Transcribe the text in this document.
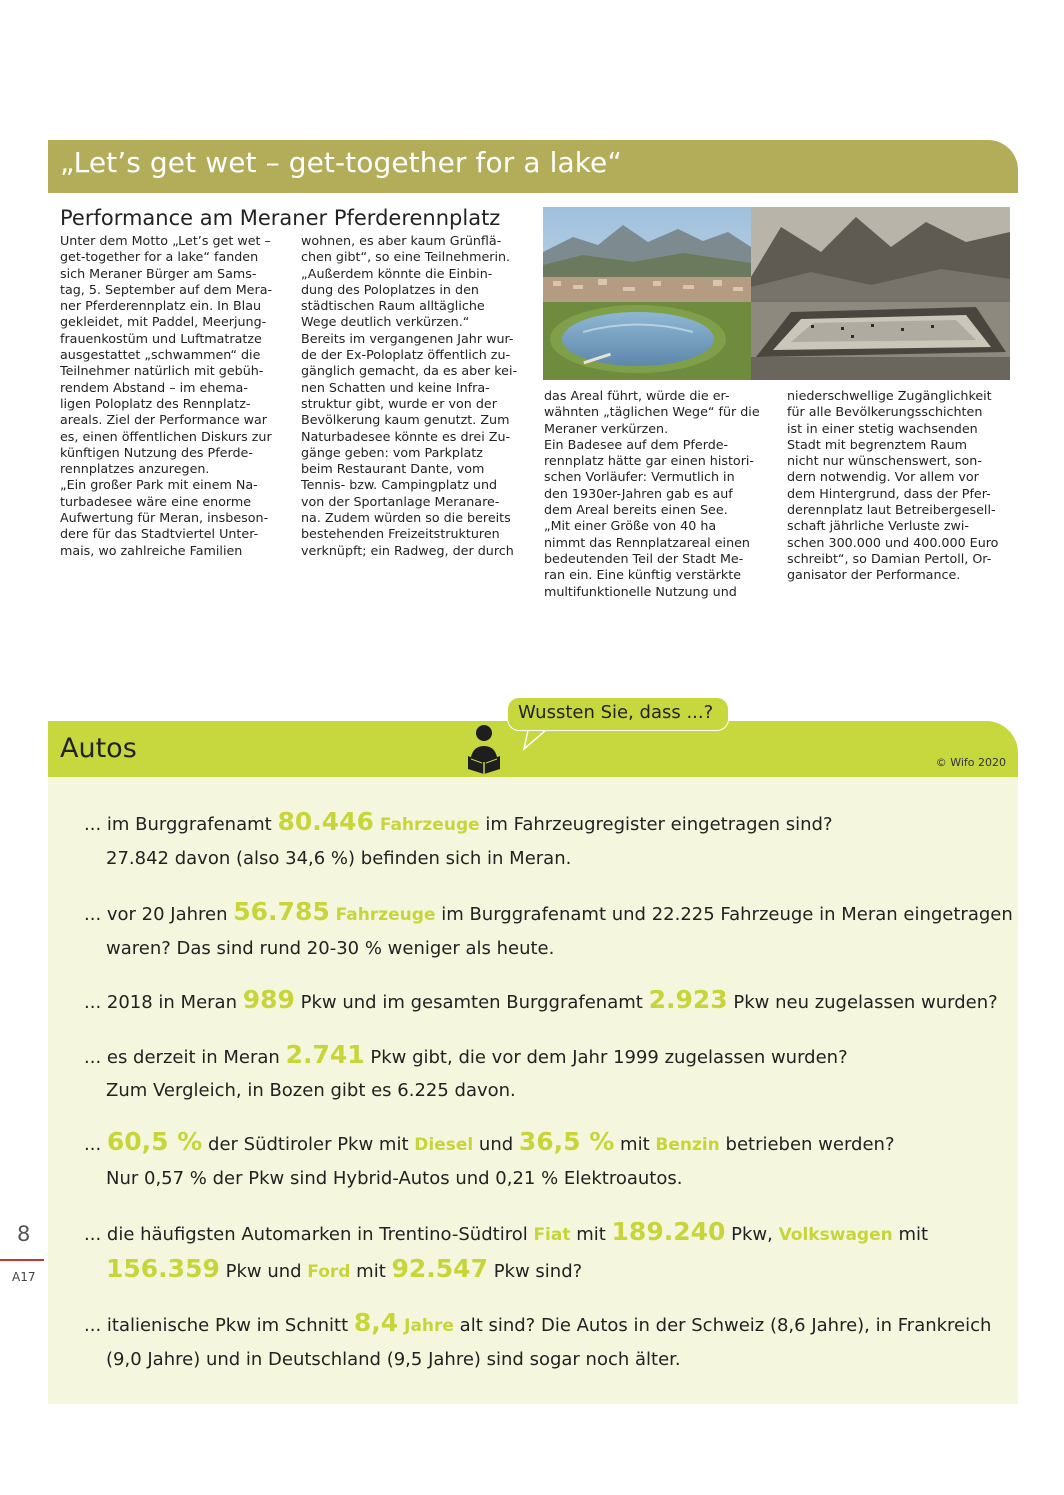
„Let’s get wet – get-together for a lake“
Performance am Meraner Pferderennplatz

Unter dem Motto „Let’s get wet –

get-together for a lake“ fanden

sich Meraner Bürger am Sams-

tag, 5. September auf dem Mera-

ner Pferderennplatz ein. In Blau

gekleidet, mit Paddel, Meerjung-

frauenkostüm und Luftmatratze

ausgestattet „schwammen“ die

Teilnehmer natürlich mit gebüh-

rendem Abstand – im ehema-

ligen Poloplatz des Rennplatz-

areals. Ziel der Performance war

es, einen öffentlichen Diskurs zur

künftigen Nutzung des Pferde-

rennplatzes anzuregen.

„Ein großer Park mit einem Na-

turbadesee wäre eine enorme

Aufwertung für Meran, insbeson-

dere für das Stadtviertel Unter-

mais, wo zahlreiche Familien

wohnen, es aber kaum Grünflä-

chen gibt“, so eine Teilnehmerin.

„Außerdem könnte die Einbin-

dung des Poloplatzes in den

städtischen Raum alltägliche

Wege deutlich verkürzen.“

Bereits im vergangenen Jahr wur-

de der Ex-Poloplatz öffentlich zu-

gänglich gemacht, da es aber kei-

nen Schatten und keine Infra-

struktur gibt, wurde er von der

Bevölkerung kaum genutzt. Zum

Naturbadesee könnte es drei Zu-

gänge geben: vom Parkplatz

beim Restaurant Dante, vom

Tennis- bzw. Campingplatz und

von der Sportanlage Meranare-

na. Zudem würden so die bereits

bestehenden Freizeitstrukturen

verknüpft; ein Radweg, der durch

das Areal führt, würde die er-

wähnten „täglichen Wege“ für die

Meraner verkürzen.

Ein Badesee auf dem Pferde-

rennplatz hätte gar einen histori-

schen Vorläufer: Vermutlich in

den 1930er-Jahren gab es auf

dem Areal bereits einen See.

„Mit einer Größe von 40 ha

nimmt das Rennplatzareal einen

bedeutenden Teil der Stadt Me-

ran ein. Eine künftig verstärkte

multifunktionelle Nutzung und

niederschwellige Zugänglichkeit

für alle Bevölkerungsschichten

ist in einer stetig wachsenden

Stadt mit begrenztem Raum

nicht nur wünschenswert, son-

dern notwendig. Vor allem vor

dem Hintergrund, dass der Pfer-

derennplatz laut Betreibergesell-

schaft jährliche Verluste zwi-

schen 300.000 und 400.000 Euro

schreibt“, so Damian Pertoll, Or-

ganisator der Performance.

Autos	© Wifo 2020
Wussten Sie, dass ...?
... im Burggrafenamt 80.446 Fahrzeuge im Fahrzeugregister eingetragen sind?
27.842 davon (also 34,6 %) befinden sich in Meran.
... vor 20 Jahren 56.785 Fahrzeuge im Burggrafenamt und 22.225 Fahrzeuge in Meran eingetragen
waren? Das sind rund 20-30 % weniger als heute.
... 2018 in Meran 989 Pkw und im gesamten Burggrafenamt 2.923 Pkw neu zugelassen wurden?
... es derzeit in Meran 2.741 Pkw gibt, die vor dem Jahr 1999 zugelassen wurden?
Zum Vergleich, in Bozen gibt es 6.225 davon.
... 60,5 % der Südtiroler Pkw mit Diesel und 36,5 % mit Benzin betrieben werden?
Nur 0,57 % der Pkw sind Hybrid-Autos und 0,21 % Elektroautos.
... die häufigsten Automarken in Trentino-Südtirol Fiat mit 189.240 Pkw, Volkswagen mit
156.359 Pkw und Ford mit 92.547 Pkw sind?
... italienische Pkw im Schnitt 8,4 Jahre alt sind? Die Autos in der Schweiz (8,6 Jahre), in Frankreich
(9,0 Jahre) und in Deutschland (9,5 Jahre) sind sogar noch älter.
8
A17
